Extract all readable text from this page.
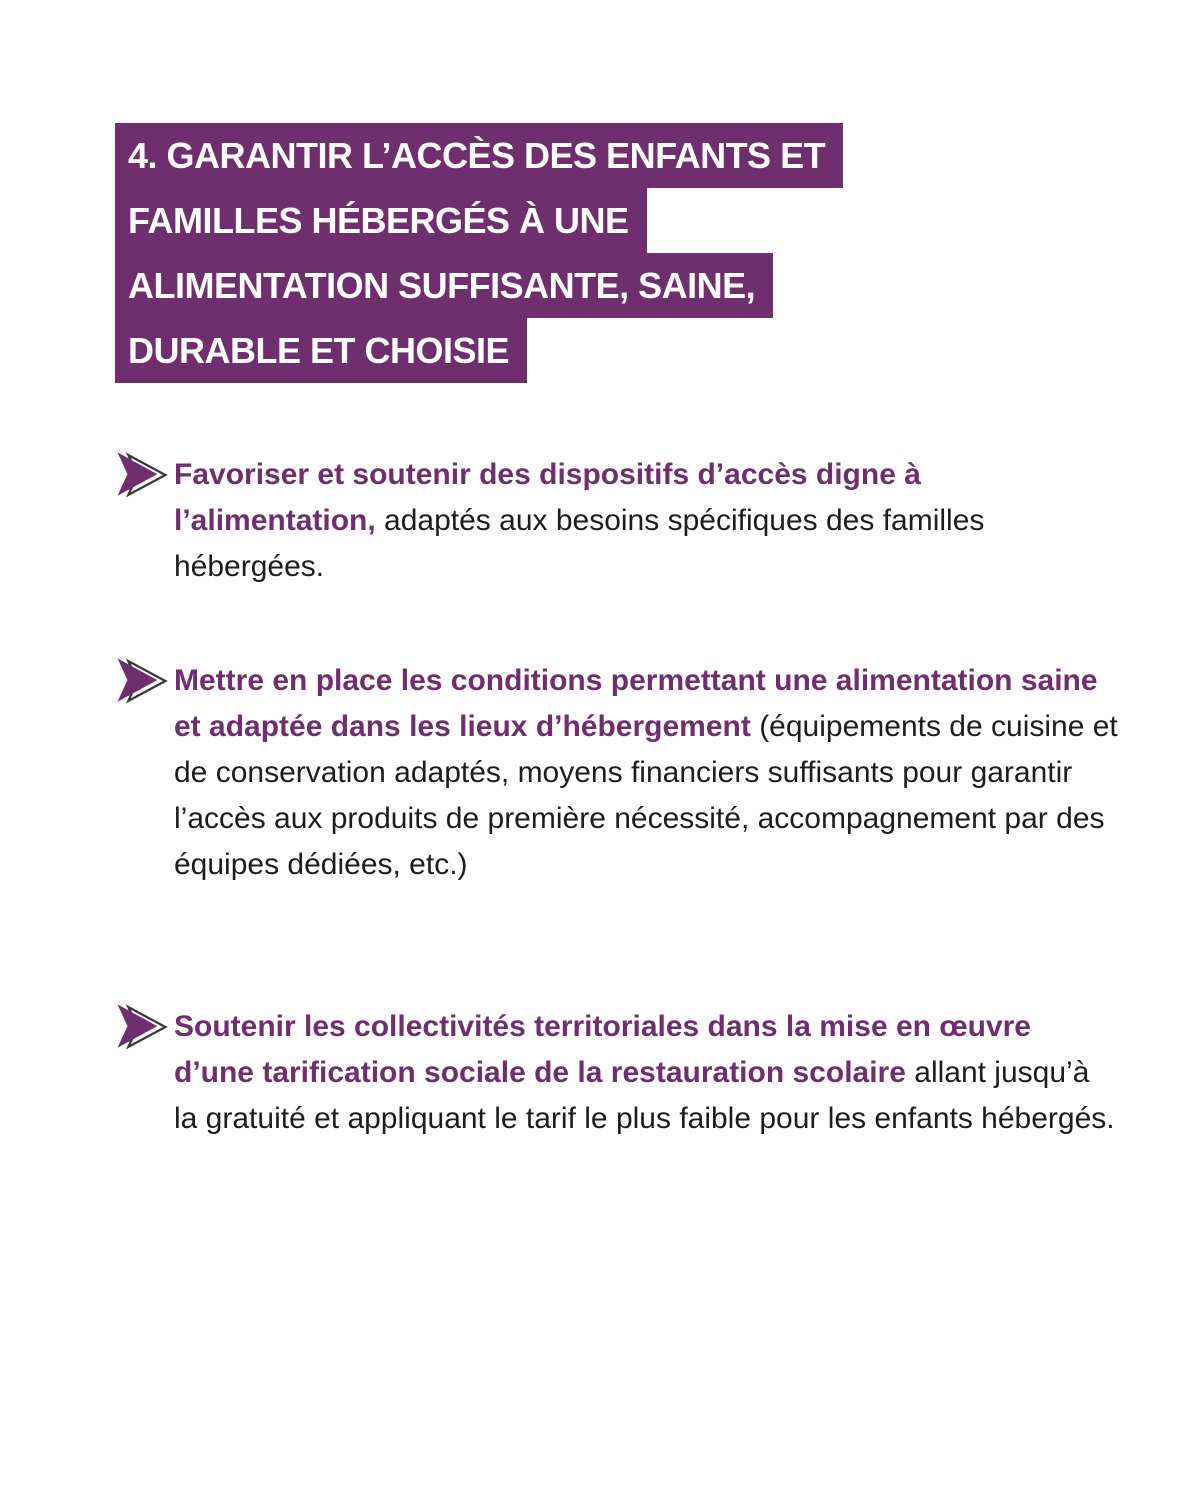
4. GARANTIR L’ACCÈS DES ENFANTS ET
FAMILLES HÉBERGÉS À UNE
ALIMENTATION SUFFISANTE, SAINE,
DURABLE ET CHOISIE

Favoriser et soutenir des dispositifs d’accès digne à l’alimentation, adaptés aux besoins spécifiques des familles hébergées.

Mettre en place les conditions permettant une alimentation saine et adaptée dans les lieux d’hébergement (équipements de cuisine et de conservation adaptés, moyens financiers suffisants pour garantir l’accès aux produits de première nécessité, accompagnement par des équipes dédiées, etc.)

Soutenir les collectivités territoriales dans la mise en œuvre d’une tarification sociale de la restauration scolaire allant jusqu’à la gratuité et appliquant le tarif le plus faible pour les enfants hébergés.
